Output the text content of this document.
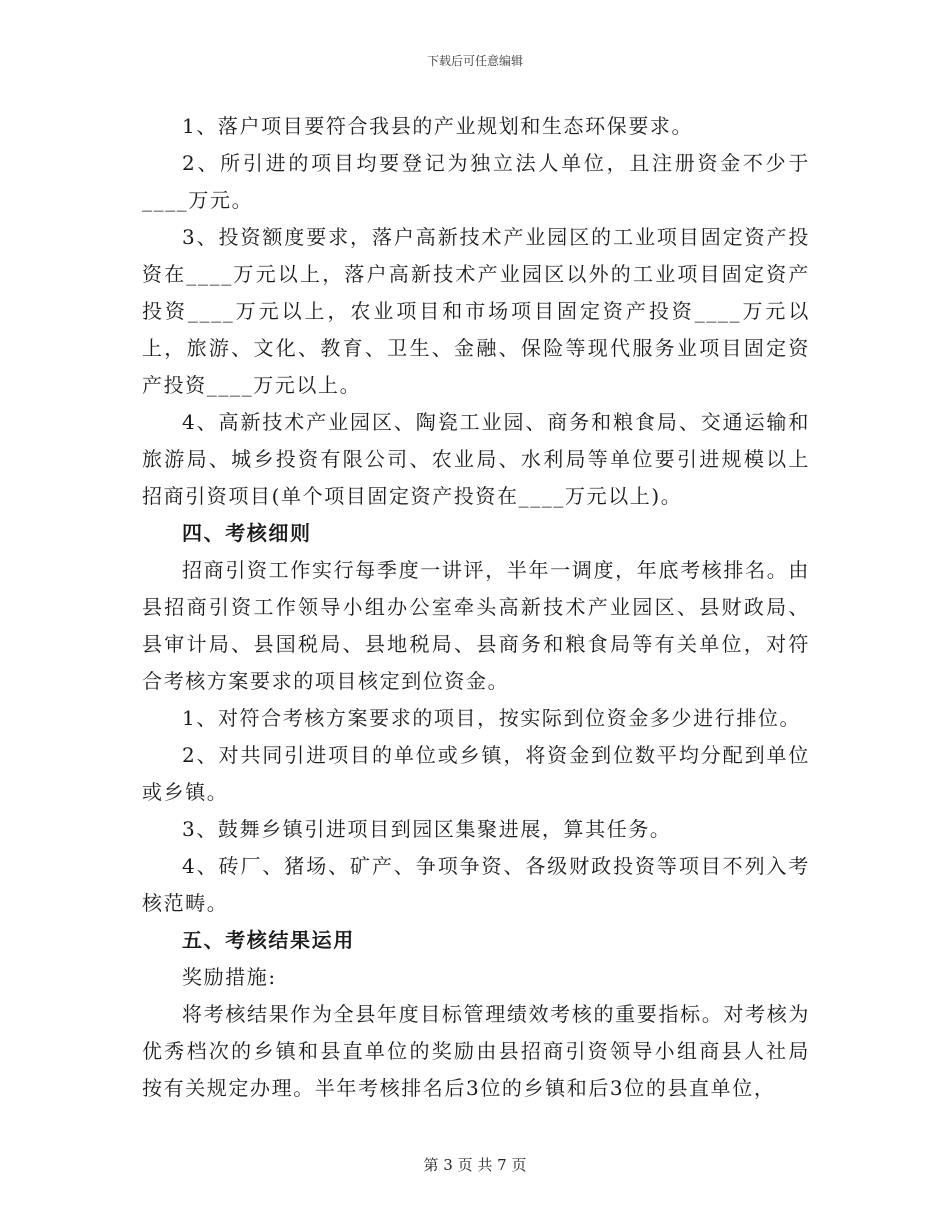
下载后可任意编辑

1、落户项目要符合我县的产业规划和生态环保要求。

2、所引进的项目均要登记为独立法人单位，且注册资金不少于____万元。

3、投资额度要求，落户高新技术产业园区的工业项目固定资产投资在____万元以上，落户高新技术产业园区以外的工业项目固定资产投资____万元以上，农业项目和市场项目固定资产投资____万元以上，旅游、文化、教育、卫生、金融、保险等现代服务业项目固定资产投资____万元以上。

4、高新技术产业园区、陶瓷工业园、商务和粮食局、交通运输和旅游局、城乡投资有限公司、农业局、水利局等单位要引进规模以上招商引资项目(单个项目固定资产投资在____万元以上)。

四、考核细则

招商引资工作实行每季度一讲评，半年一调度，年底考核排名。由县招商引资工作领导小组办公室牵头高新技术产业园区、县财政局、县审计局、县国税局、县地税局、县商务和粮食局等有关单位，对符合考核方案要求的项目核定到位资金。

1、对符合考核方案要求的项目，按实际到位资金多少进行排位。

2、对共同引进项目的单位或乡镇，将资金到位数平均分配到单位或乡镇。

3、鼓舞乡镇引进项目到园区集聚进展，算其任务。

4、砖厂、猪场、矿产、争项争资、各级财政投资等项目不列入考核范畴。

五、考核结果运用

奖励措施:

将考核结果作为全县年度目标管理绩效考核的重要指标。对考核为优秀档次的乡镇和县直单位的奖励由县招商引资领导小组商县人社局按有关规定办理。半年考核排名后3位的乡镇和后3位的县直单位，

第 3 页 共 7 页
